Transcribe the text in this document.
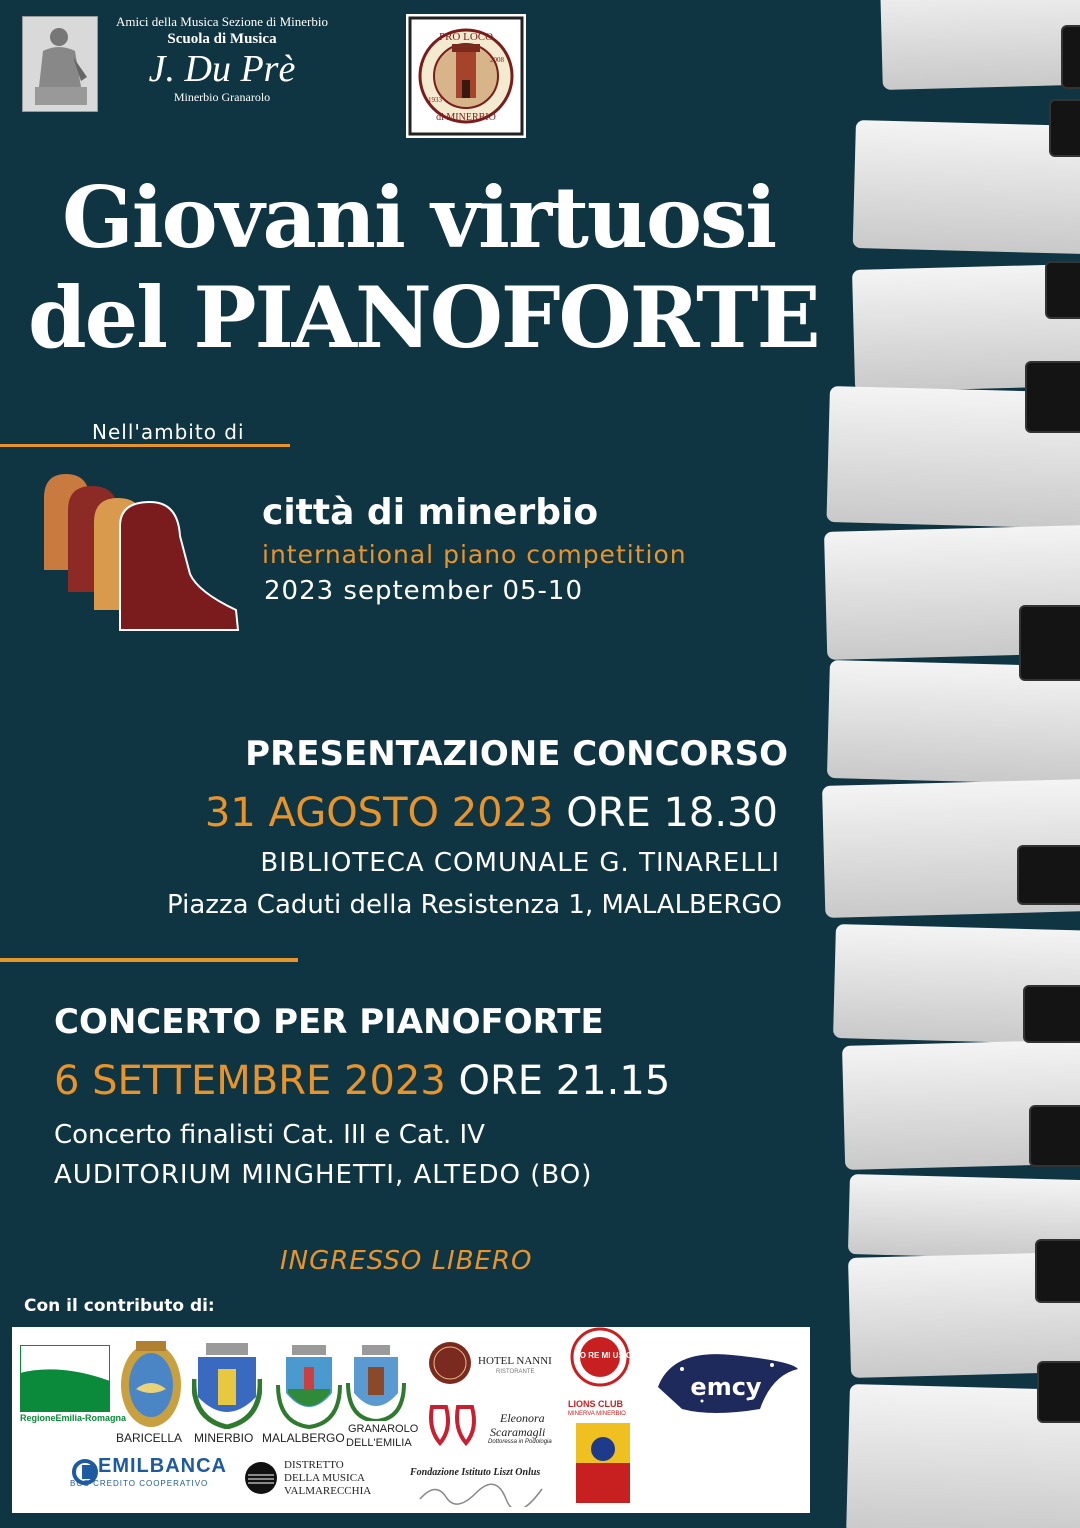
Amici della Musica Sezione di Minerbio
Scuola di Musica
J. Du Prè
Minerbio Granarolo
PRO LOCO
di MINERBIO
1933
2008
Giovani virtuosi
del PIANOFORTE
Nell'ambito di
città di minerbio
international piano competition
2023 september 05-10
PRESENTAZIONE CONCORSO
31 AGOSTO 2023 ORE 18.30
BIBLIOTECA COMUNALE G. TINARELLI
Piazza Caduti della Resistenza 1, MALALBERGO
CONCERTO PER PIANOFORTE
6 SETTEMBRE 2023 ORE 21.15
Concerto finalisti Cat. III e Cat. IV
AUDITORIUM MINGHETTI, ALTEDO (BO)
INGRESSO LIBERO
Con il contributo di:
RegioneEmilia-Romagna
BARICELLA MINERBIO MALALBERGO
GRANAROLO
DELL'EMILIA
HOTEL NANNI
RISTORANTE
DO RE MI USIC
emcy
Eleonora
Scaramagli
Dottoressa in Podologia
LIONS CLUB
MINERVA MINERBIO
EMILBANCA
BCC CREDITO COOPERATIVO
DISTRETTO
DELLA MUSICA
VALMARECCHIA
Fondazione Istituto Liszt Onlus
